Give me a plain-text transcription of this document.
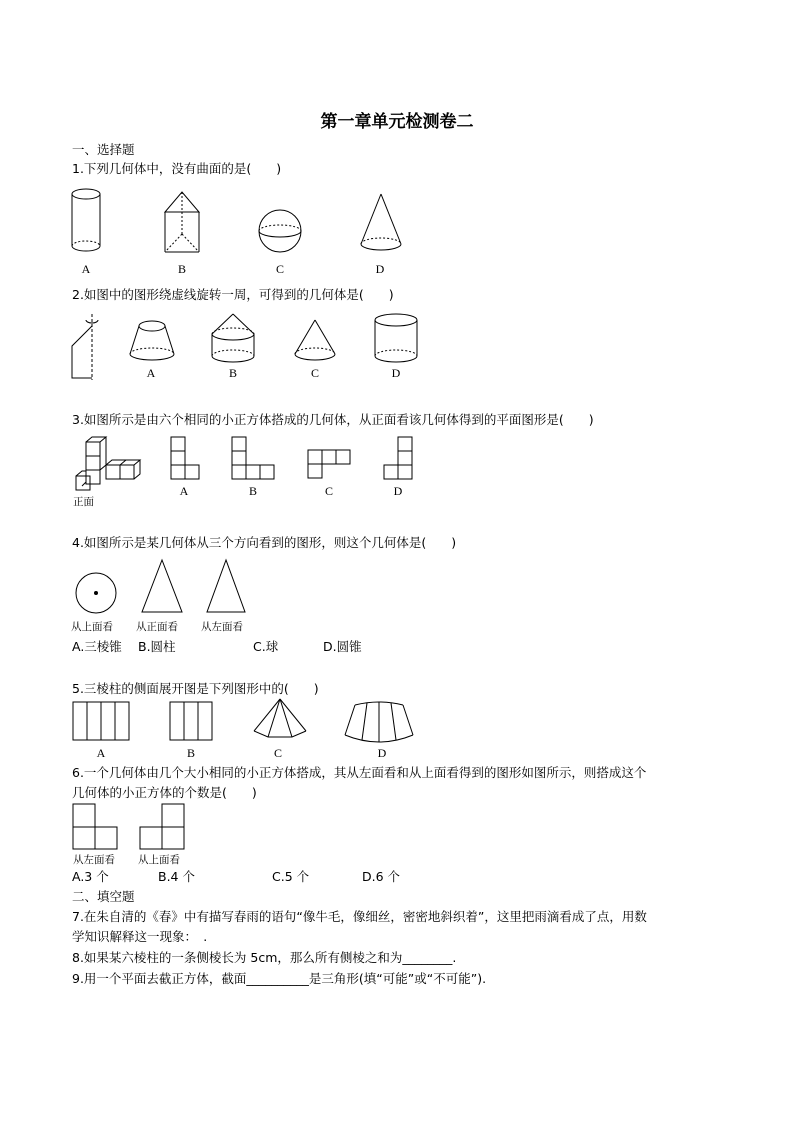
第一章单元检测卷二
一、选择题
1.下列几何体中，没有曲面的是(　　)
A	B	C	D
2.如图中的图形绕虚线旋转一周，可得到的几何体是(　　)
A	B	C	D
3.如图所示是由六个相同的小正方体搭成的几何体，从正面看该几何体得到的平面图形是(　　)
正面
A	B	C	D
4.如图所示是某几何体从三个方向看到的图形，则这个几何体是(　　)
从上面看 从正面看 从左面看
A.三棱锥 B.圆柱	C.球	D.圆锥
5.三棱柱的侧面展开图是下列图形中的(　　)
A	B	C	D
6.一个几何体由几个大小相同的小正方体搭成，其从左面看和从上面看得到的图形如图所示，则搭成这个
几何体的小正方体的个数是(　　)
从左面看 从上面看
A.3 个	B.4 个	C.5 个	D.6 个
二、填空题
7.在朱自清的《春》中有描写春雨的语句“像牛毛，像细丝，密密地斜织着”，这里把雨滴看成了点，用数
学知识解释这一现象：　.
8.如果某六棱柱的一条侧棱长为 5cm，那么所有侧棱之和为________.
9.用一个平面去截正方体，截面__________是三角形(填“可能”或“不可能”).
